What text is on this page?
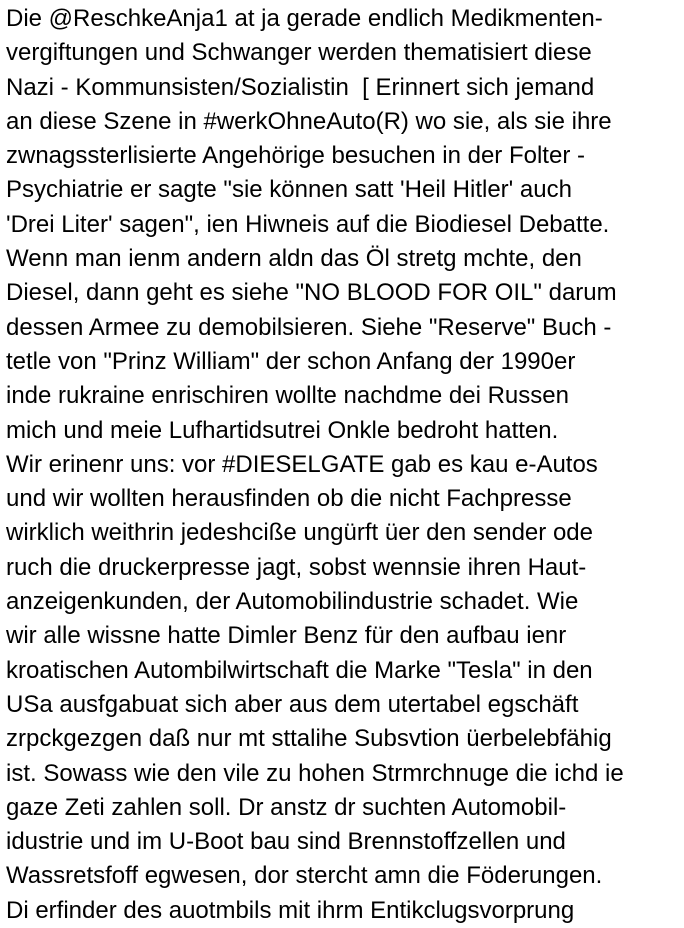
Die @ReschkeAnja1 at ja gerade endlich Medikmenten-
vergiftungen und Schwanger werden thematisiert diese
Nazi - Kommunsisten/Sozialistin  [ Erinnert sich jemand
an diese Szene in #werkOhneAuto(R) wo sie, als sie ihre
zwnagssterlisierte Angehörige besuchen in der Folter -
Psychiatrie er sagte "sie können satt 'Heil Hitler' auch
'Drei Liter' sagen", ien Hiwneis auf die Biodiesel Debatte.
Wenn man ienm andern aldn das Öl stretg mchte, den
Diesel, dann geht es siehe "NO BLOOD FOR OIL" darum
dessen Armee zu demobilsieren. Siehe "Reserve" Buch -
tetle von "Prinz William" der schon Anfang der 1990er
inde rukraine enrischiren wollte nachdme dei Russen
mich und meie Lufhartidsutrei Onkle bedroht hatten.
Wir erinenr uns: vor #DIESELGATE gab es kau e-Autos
und wir wollten herausfinden ob die nicht Fachpresse
wirklich weithrin jedeshciße ungürft üer den sender ode
ruch die druckerpresse jagt, sobst wennsie ihren Haut-
anzeigenkunden, der Automobilindustrie schadet. Wie
wir alle wissne hatte Dimler Benz für den aufbau ienr
kroatischen Autombilwirtschaft die Marke "Tesla" in den
USa ausfgabuat sich aber aus dem utertabel egschäft
zrpckgezgen daß nur mt sttalihe Subsvtion üerbelebfähig
ist. Sowass wie den vile zu hohen Strmrchnuge die ichd ie
gaze Zeti zahlen soll. Dr anstz dr suchten Automobil-
idustrie und im U-Boot bau sind Brennstoffzellen und
Wassretsfoff egwesen, dor stercht amn die Föderungen.
Di erfinder des auotmbils mit ihrm Entikclugsvorprung
